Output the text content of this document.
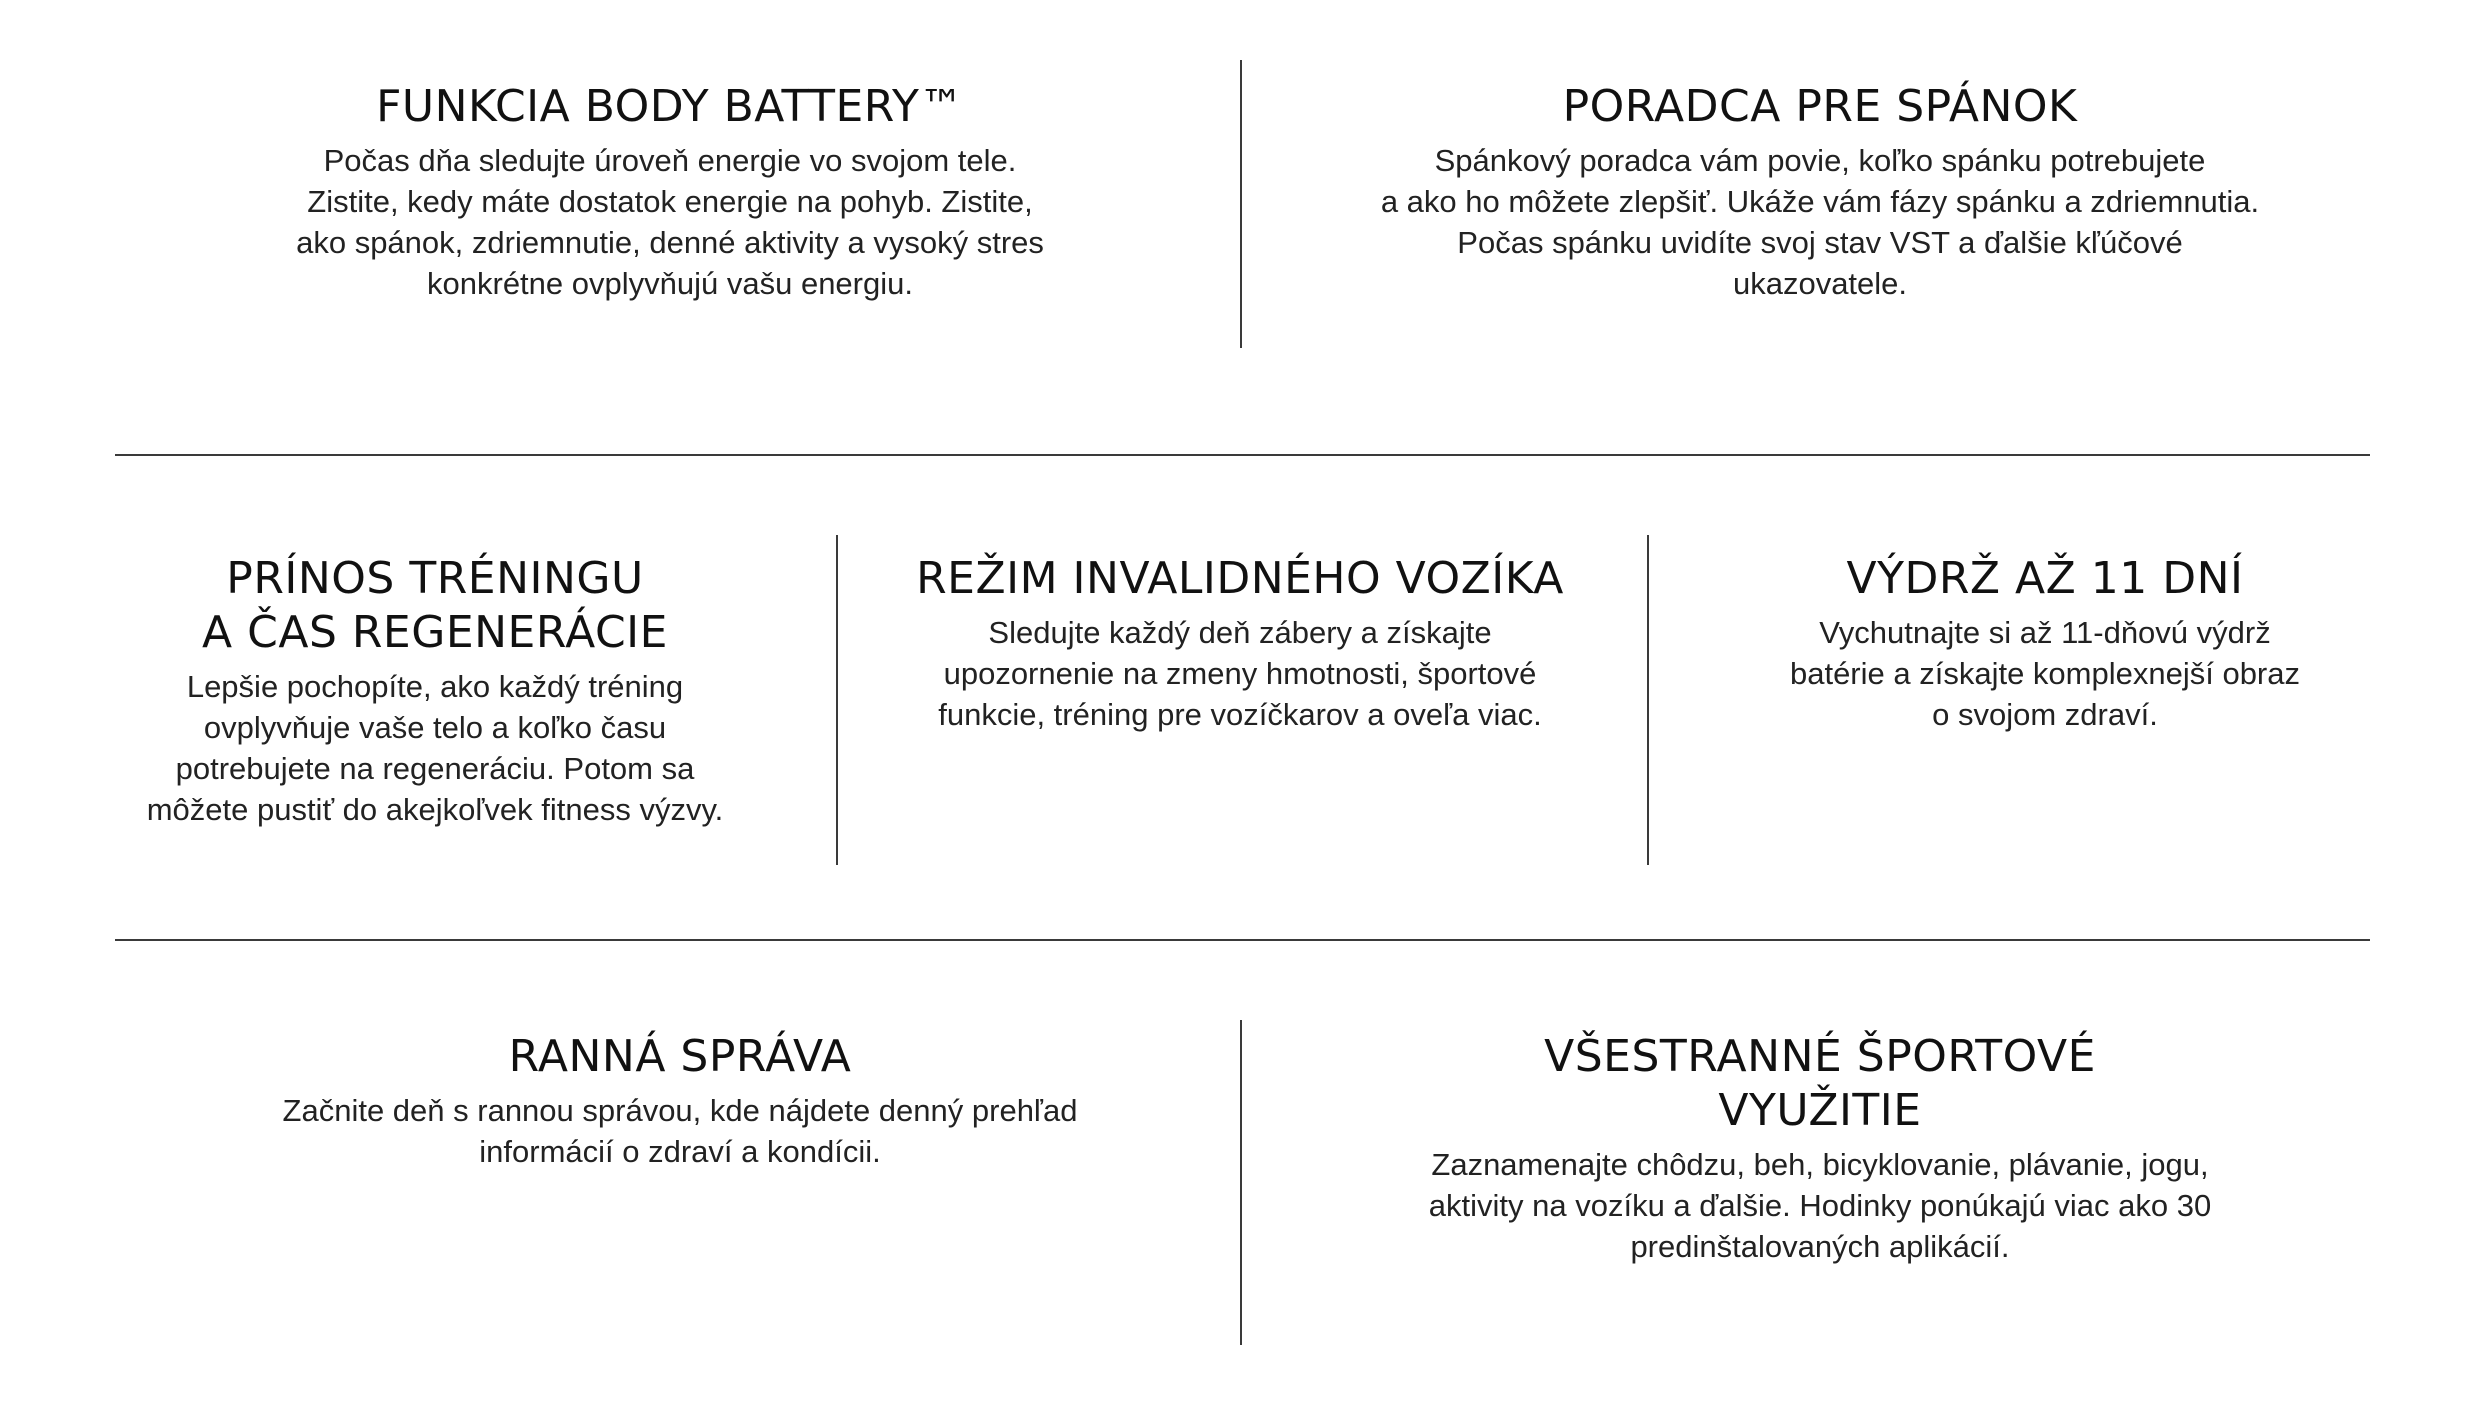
FUNKCIA BODY BATTERY™

Počas dňa sledujte úroveň energie vo svojom tele.
Zistite, kedy máte dostatok energie na pohyb. Zistite,
ako spánok, zdriemnutie, denné aktivity a vysoký stres
konkrétne ovplyvňujú vašu energiu.

PORADCA PRE SPÁNOK

Spánkový poradca vám povie, koľko spánku potrebujete
a ako ho môžete zlepšiť. Ukáže vám fázy spánku a zdriemnutia.
Počas spánku uvidíte svoj stav VST a ďalšie kľúčové
ukazovatele.

PRÍNOS TRÉNINGU
A ČAS REGENERÁCIE

Lepšie pochopíte, ako každý tréning
ovplyvňuje vaše telo a koľko času
potrebujete na regeneráciu. Potom sa
môžete pustiť do akejkoľvek fitness výzvy.

REŽIM INVALIDNÉHO VOZÍKA

Sledujte každý deň zábery a získajte
upozornenie na zmeny hmotnosti, športové
funkcie, tréning pre vozíčkarov a oveľa viac.

VÝDRŽ AŽ 11 DNÍ

Vychutnajte si až 11-dňovú výdrž
batérie a získajte komplexnejší obraz
o svojom zdraví.

RANNÁ SPRÁVA

Začnite deň s rannou správou, kde nájdete denný prehľad
informácií o zdraví a kondícii.

VŠESTRANNÉ ŠPORTOVÉ
VYUŽITIE

Zaznamenajte chôdzu, beh, bicyklovanie, plávanie, jogu,
aktivity na vozíku a ďalšie. Hodinky ponúkajú viac ako 30
predinštalovaných aplikácií.
